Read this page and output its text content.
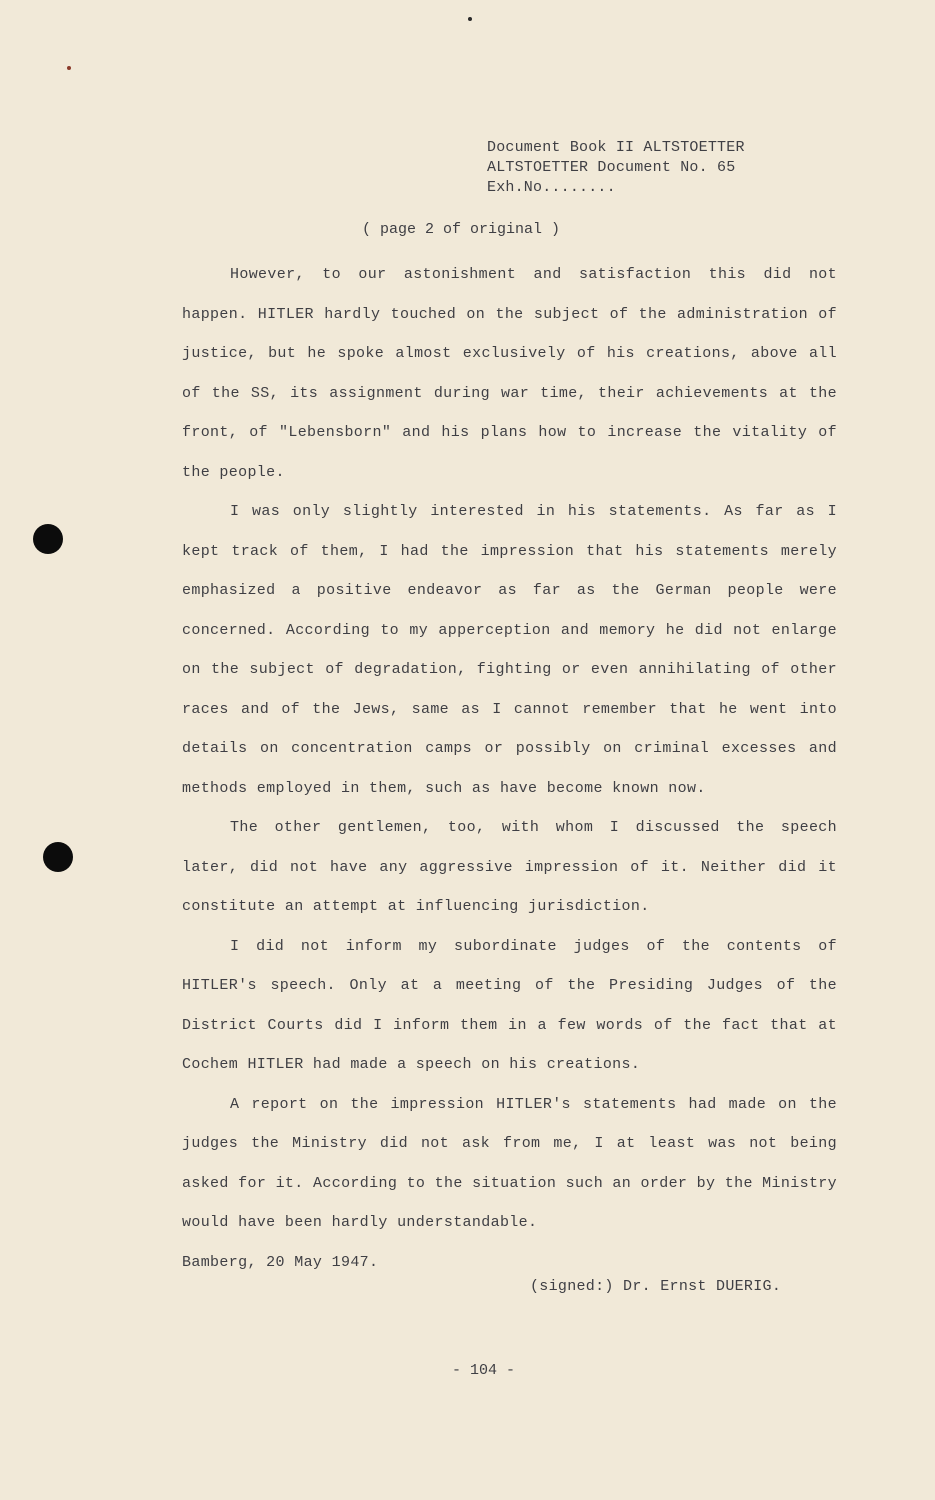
Document Book II ALTSTOETTER
ALTSTOETTER Document No. 65
Exh.No........
( page 2 of original )

However, to our astonishment and satisfaction this did not happen. HITLER hardly touched on the subject of the administration of justice, but he spoke almost exclusively of his creations, above all of the SS, its assignment during war time, their achievements at the front, of "Lebensborn" and his plans how to increase the vitality of the people.

I was only slightly interested in his statements. As far as I kept track of them, I had the impression that his statements merely emphasized a positive endeavor as far as the German people were concerned. According to my apperception and memory he did not enlarge on the subject of degradation, fighting or even annihilating of other races and of the Jews, same as I cannot remember that he went into details on concentration camps or possibly on criminal excesses and methods employed in them, such as have become known now.

The other gentlemen, too, with whom I discussed the speech later, did not have any aggressive impression of it. Neither did it constitute an attempt at influencing jurisdiction.

I did not inform my subordinate judges of the contents of HITLER's speech. Only at a meeting of the Presiding Judges of the District Courts did I inform them in a few words of the fact that at Cochem HITLER had made a speech on his creations.

A report on the impression HITLER's statements had made on the judges the Ministry did not ask from me, I at least was not being asked for it. According to the situation such an order by the Ministry would have been hardly understandable.

Bamberg, 20 May 1947.

(signed:) Dr. Ernst DUERIG.
- 104 -
